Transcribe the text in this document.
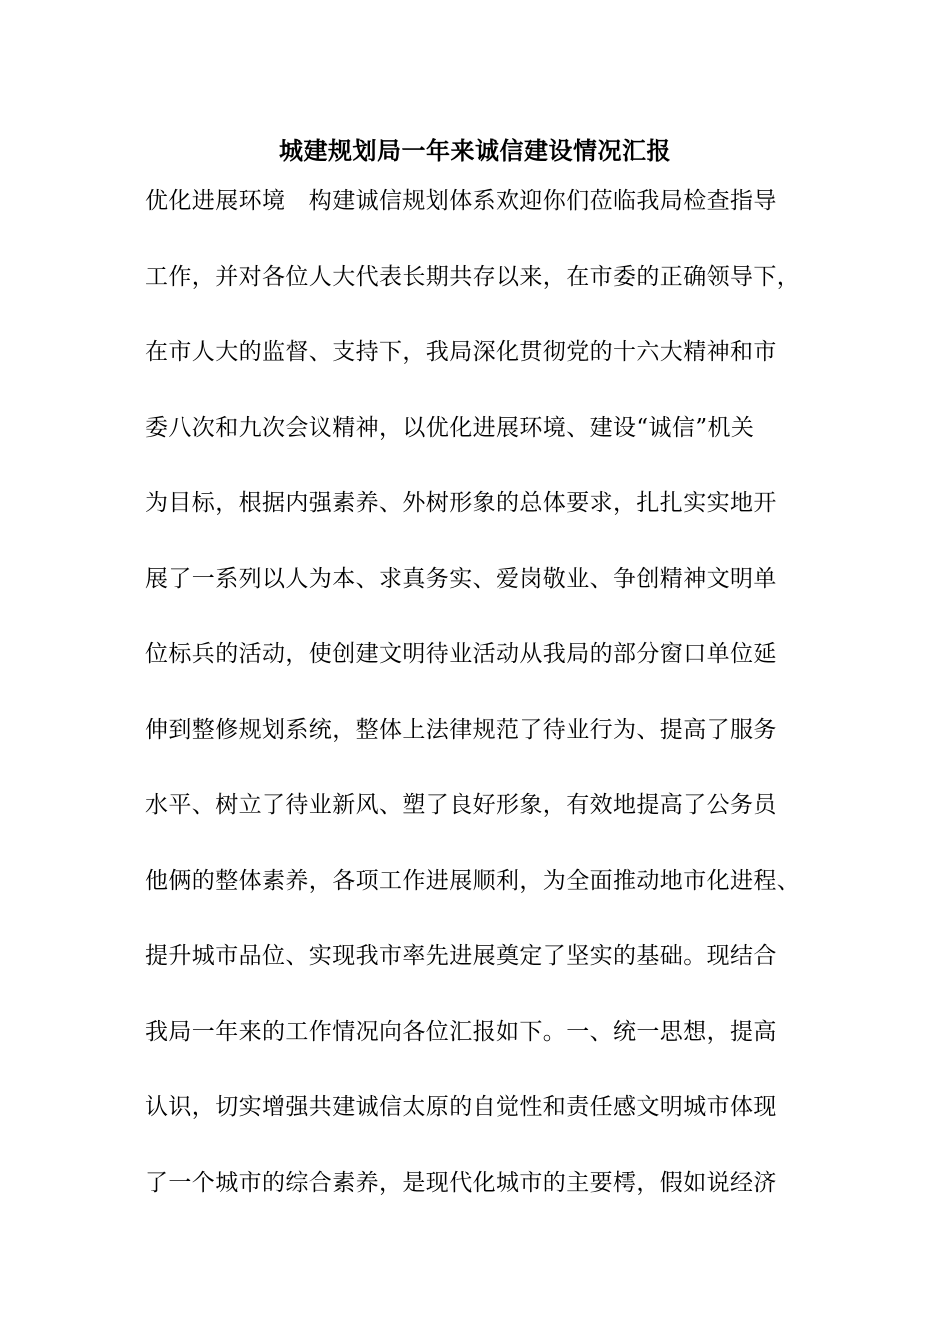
城建规划局一年来诚信建设情况汇报
优化进展环境　构建诚信规划体系欢迎你们莅临我局检查指导
工作，并对各位人大代表长期共存以来，在市委的正确领导下，
在市人大的监督、支持下，我局深化贯彻党的十六大精神和市
委八次和九次会议精神，以优化进展环境、建设“诚信”机关
为目标，根据内强素养、外树形象的总体要求，扎扎实实地开
展了一系列以人为本、求真务实、爱岗敬业、争创精神文明单
位标兵的活动，使创建文明待业活动从我局的部分窗口单位延
伸到整修规划系统，整体上法律规范了待业行为、提高了服务
水平、树立了待业新风、塑了良好形象，有效地提高了公务员
他俩的整体素养，各项工作进展顺利，为全面推动地市化进程、
提升城市品位、实现我市率先进展奠定了坚实的基础。现结合
我局一年来的工作情况向各位汇报如下。一、统一思想，提高
认识，切实增强共建诚信太原的自觉性和责任感文明城市体现
了一个城市的综合素养，是现代化城市的主要樗，假如说经济
